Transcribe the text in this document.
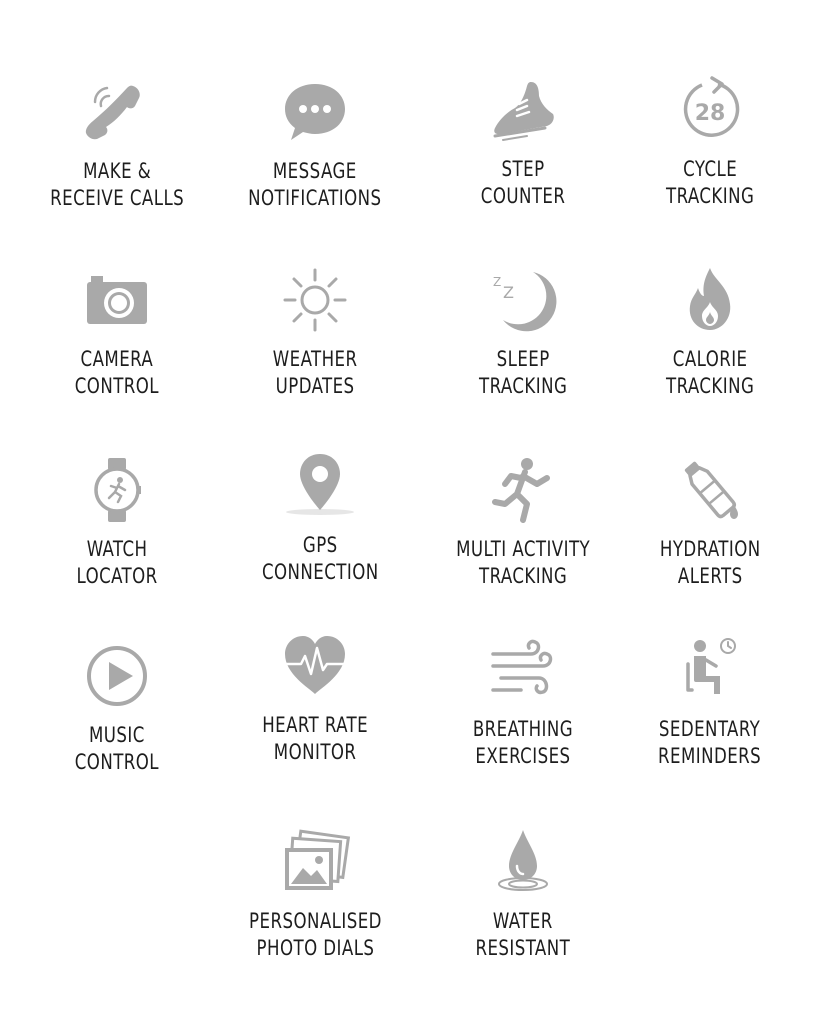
MAKE &
RECEIVE CALLS
MESSAGE
NOTIFICATIONS
STEP
COUNTER
28
CYCLE
TRACKING
CAMERA
CONTROL
WEATHER
UPDATES
Z
Z
SLEEP
TRACKING
CALORIE
TRACKING
WATCH
LOCATOR
GPS
CONNECTION
MULTI ACTIVITY
TRACKING
HYDRATION
ALERTS
MUSIC
CONTROL
HEART RATE
MONITOR
BREATHING
EXERCISES
SEDENTARY
REMINDERS
PERSONALISED
PHOTO DIALS
WATER
RESISTANT
